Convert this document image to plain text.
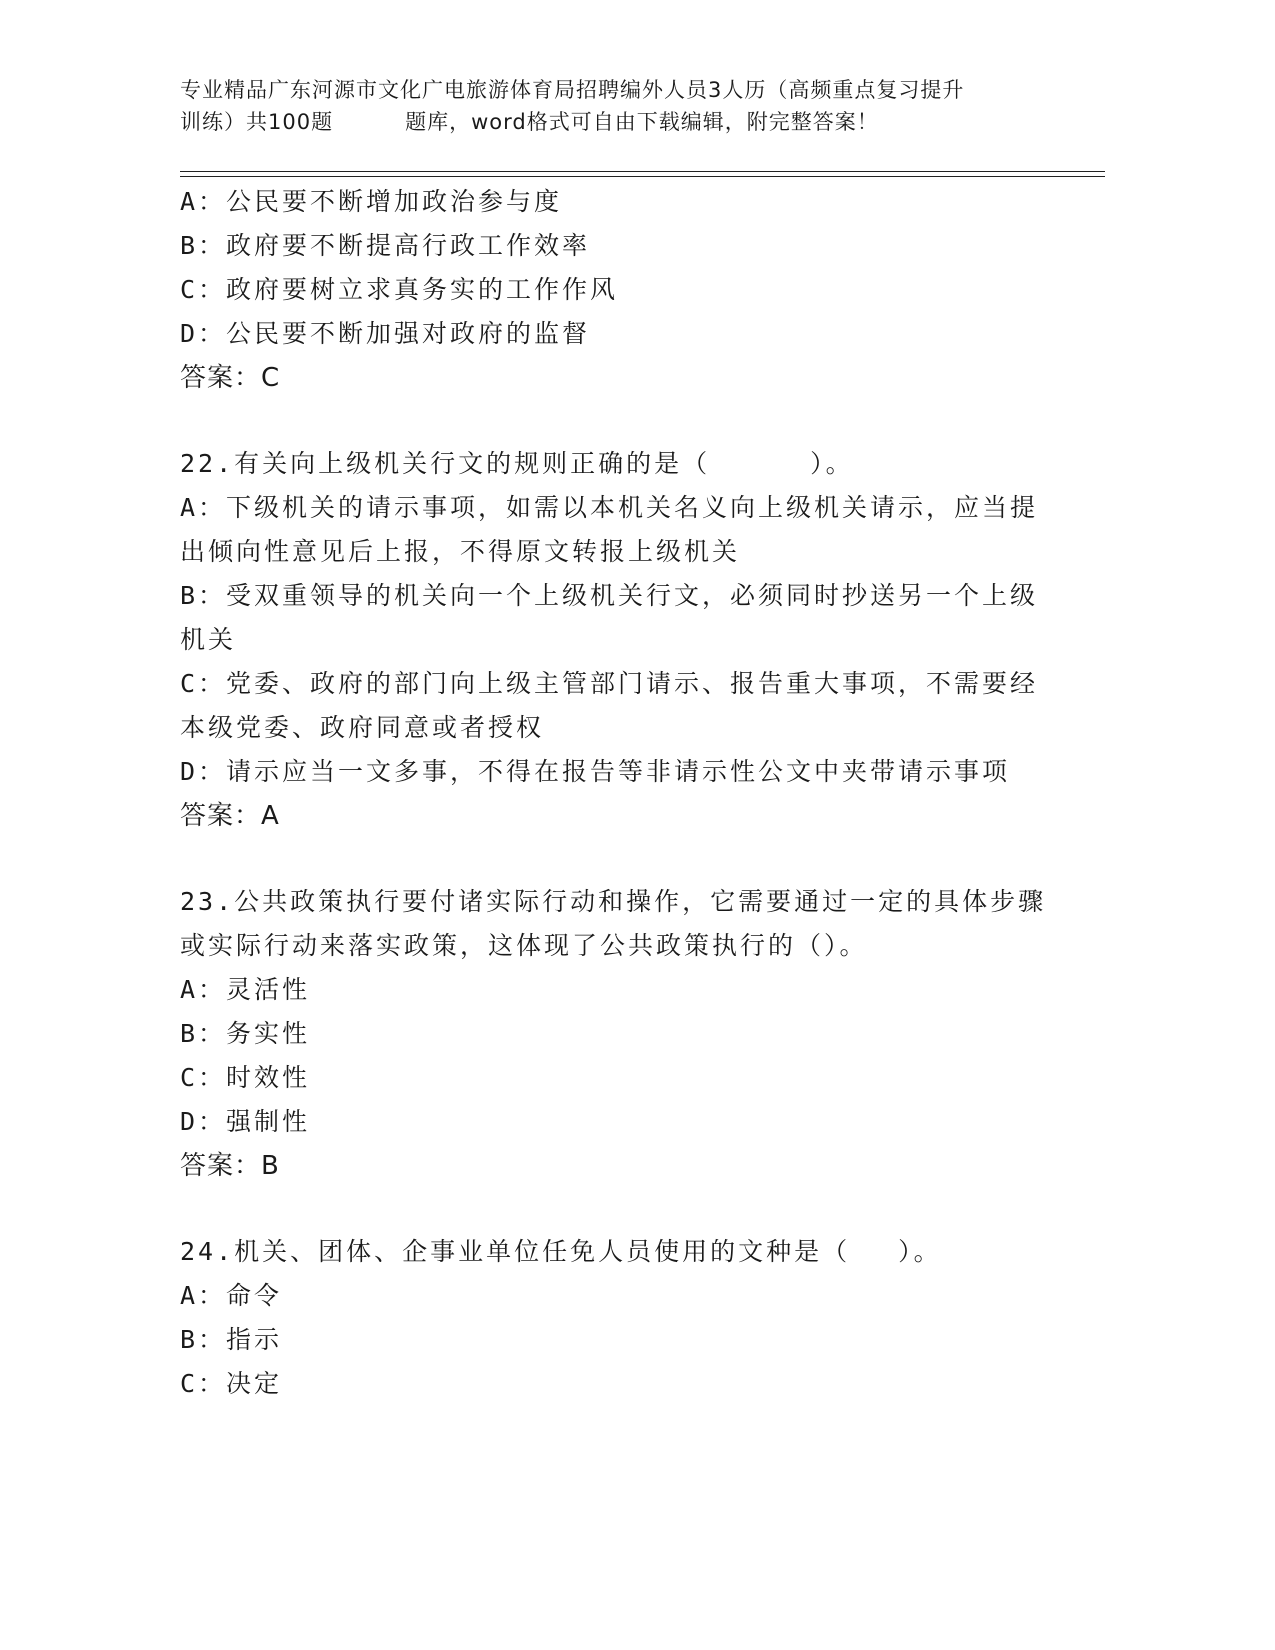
专业精品广东河源市文化广电旅游体育局招聘编外人员3人历（高频重点复习提升
训练）共100题	题库，word格式可自由下载编辑，附完整答案！
A：公民要不断增加政治参与度
B：政府要不断提高行政工作效率
C：政府要树立求真务实的工作作风
D：公民要不断加强对政府的监督
答案：C
22.有关向上级机关行文的规则正确的是（	）。
A：下级机关的请示事项，如需以本机关名义向上级机关请示，应当提
出倾向性意见后上报，不得原文转报上级机关
B：受双重领导的机关向一个上级机关行文，必须同时抄送另一个上级
机关
C：党委、政府的部门向上级主管部门请示、报告重大事项，不需要经
本级党委、政府同意或者授权
D：请示应当一文多事，不得在报告等非请示性公文中夹带请示事项
答案：A
23.公共政策执行要付诸实际行动和操作，它需要通过一定的具体步骤
或实际行动来落实政策，这体现了公共政策执行的（）。
A：灵活性
B：务实性
C：时效性
D：强制性
答案：B
24.机关、团体、企事业单位任免人员使用的文种是（ ）。
A：命令
B：指示
C：决定
